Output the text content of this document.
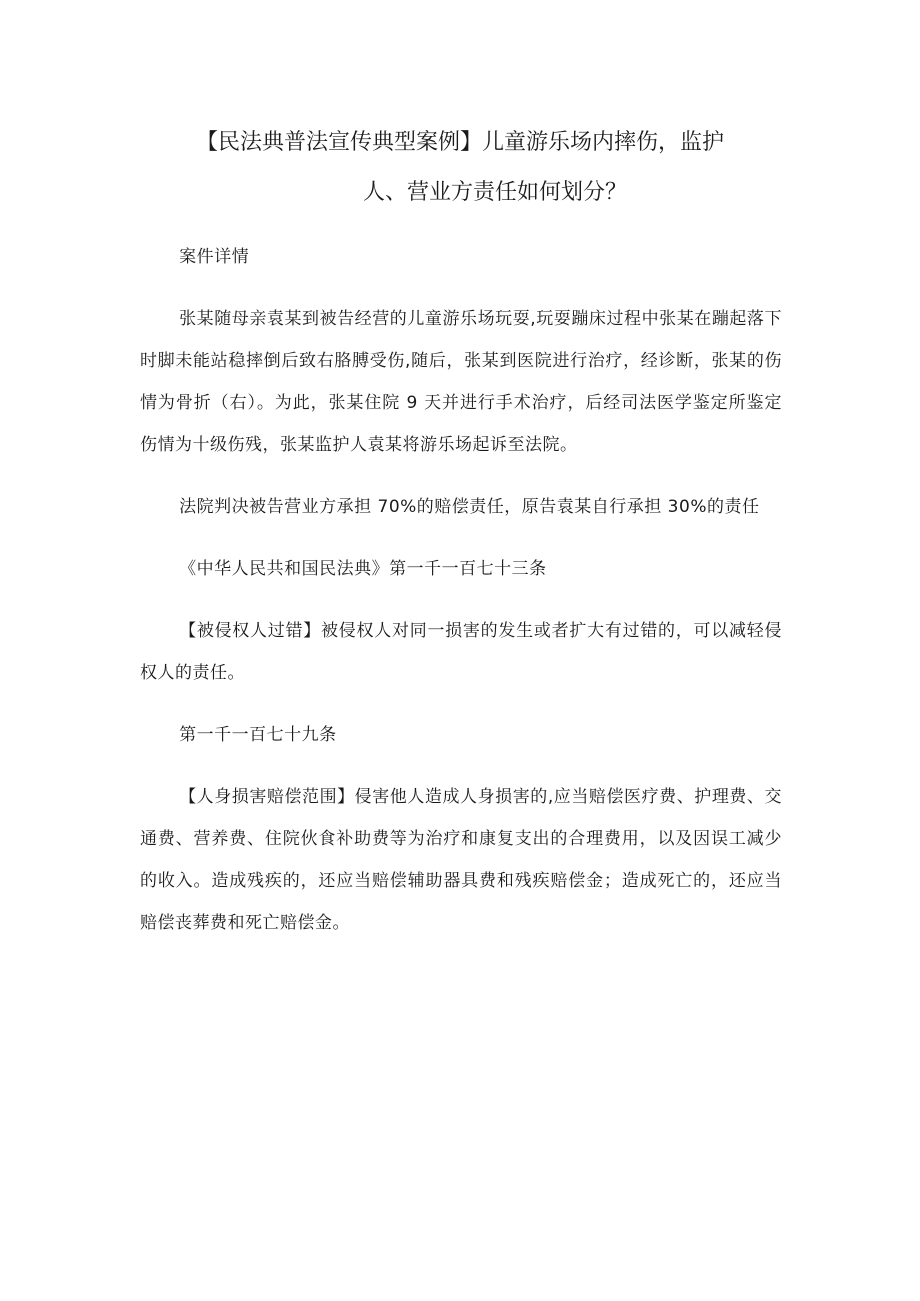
【民法典普法宣传典型案例】儿童游乐场内摔伤，监护
人、营业方责任如何划分？

案件详情

张某随母亲袁某到被告经营的儿童游乐场玩耍,玩耍蹦床过程中张某在蹦起落下时脚未能站稳摔倒后致右胳膊受伤,随后，张某到医院进行治疗，经诊断，张某的伤情为骨折（右）。为此，张某住院 9 天并进行手术治疗，后经司法医学鉴定所鉴定伤情为十级伤残，张某监护人袁某将游乐场起诉至法院。

法院判决被告营业方承担 70%的赔偿责任，原告袁某自行承担 30%的责任

《中华人民共和国民法典》第一千一百七十三条

【被侵权人过错】被侵权人对同一损害的发生或者扩大有过错的，可以减轻侵权人的责任。

第一千一百七十九条

【人身损害赔偿范围】侵害他人造成人身损害的,应当赔偿医疗费、护理费、交通费、营养费、住院伙食补助费等为治疗和康复支出的合理费用，以及因误工减少的收入。造成残疾的，还应当赔偿辅助器具费和残疾赔偿金；造成死亡的，还应当赔偿丧葬费和死亡赔偿金。
